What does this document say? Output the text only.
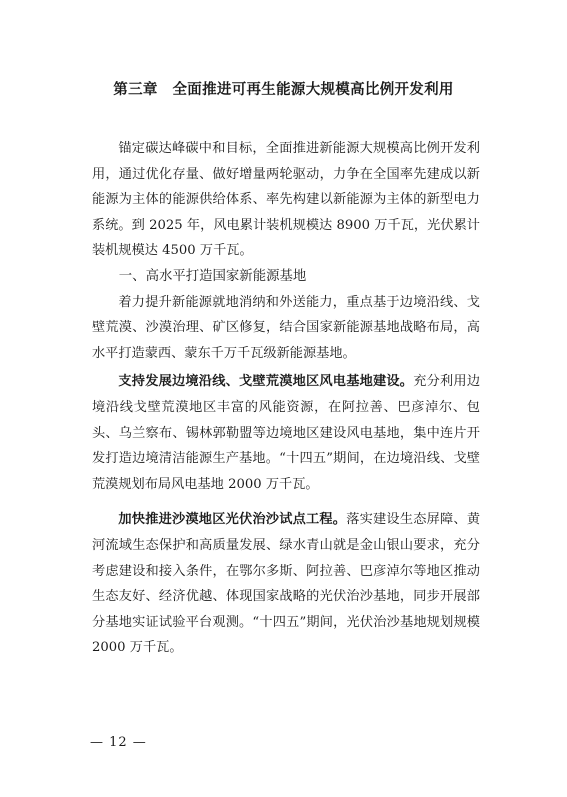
第三章　全面推进可再生能源大规模高比例开发利用

锚定碳达峰碳中和目标，全面推进新能源大规模高比例开发利用，通过优化存量、做好增量两轮驱动，力争在全国率先建成以新能源为主体的能源供给体系、率先构建以新能源为主体的新型电力系统。到 2025 年，风电累计装机规模达 8900 万千瓦，光伏累计装机规模达 4500 万千瓦。

一、高水平打造国家新能源基地

着力提升新能源就地消纳和外送能力，重点基于边境沿线、戈壁荒漠、沙漠治理、矿区修复，结合国家新能源基地战略布局，高水平打造蒙西、蒙东千万千瓦级新能源基地。

支持发展边境沿线、戈壁荒漠地区风电基地建设。充分利用边境沿线戈壁荒漠地区丰富的风能资源，在阿拉善、巴彦淖尔、包头、乌兰察布、锡林郭勒盟等边境地区建设风电基地，集中连片开发打造边境清洁能源生产基地。“十四五”期间，在边境沿线、戈壁荒漠规划布局风电基地 2000 万千瓦。

加快推进沙漠地区光伏治沙试点工程。落实建设生态屏障、黄河流域生态保护和高质量发展、绿水青山就是金山银山要求，充分考虑建设和接入条件，在鄂尔多斯、阿拉善、巴彦淖尔等地区推动生态友好、经济优越、体现国家战略的光伏治沙基地，同步开展部分基地实证试验平台观测。“十四五”期间，光伏治沙基地规划规模 2000 万千瓦。

— 12 —
